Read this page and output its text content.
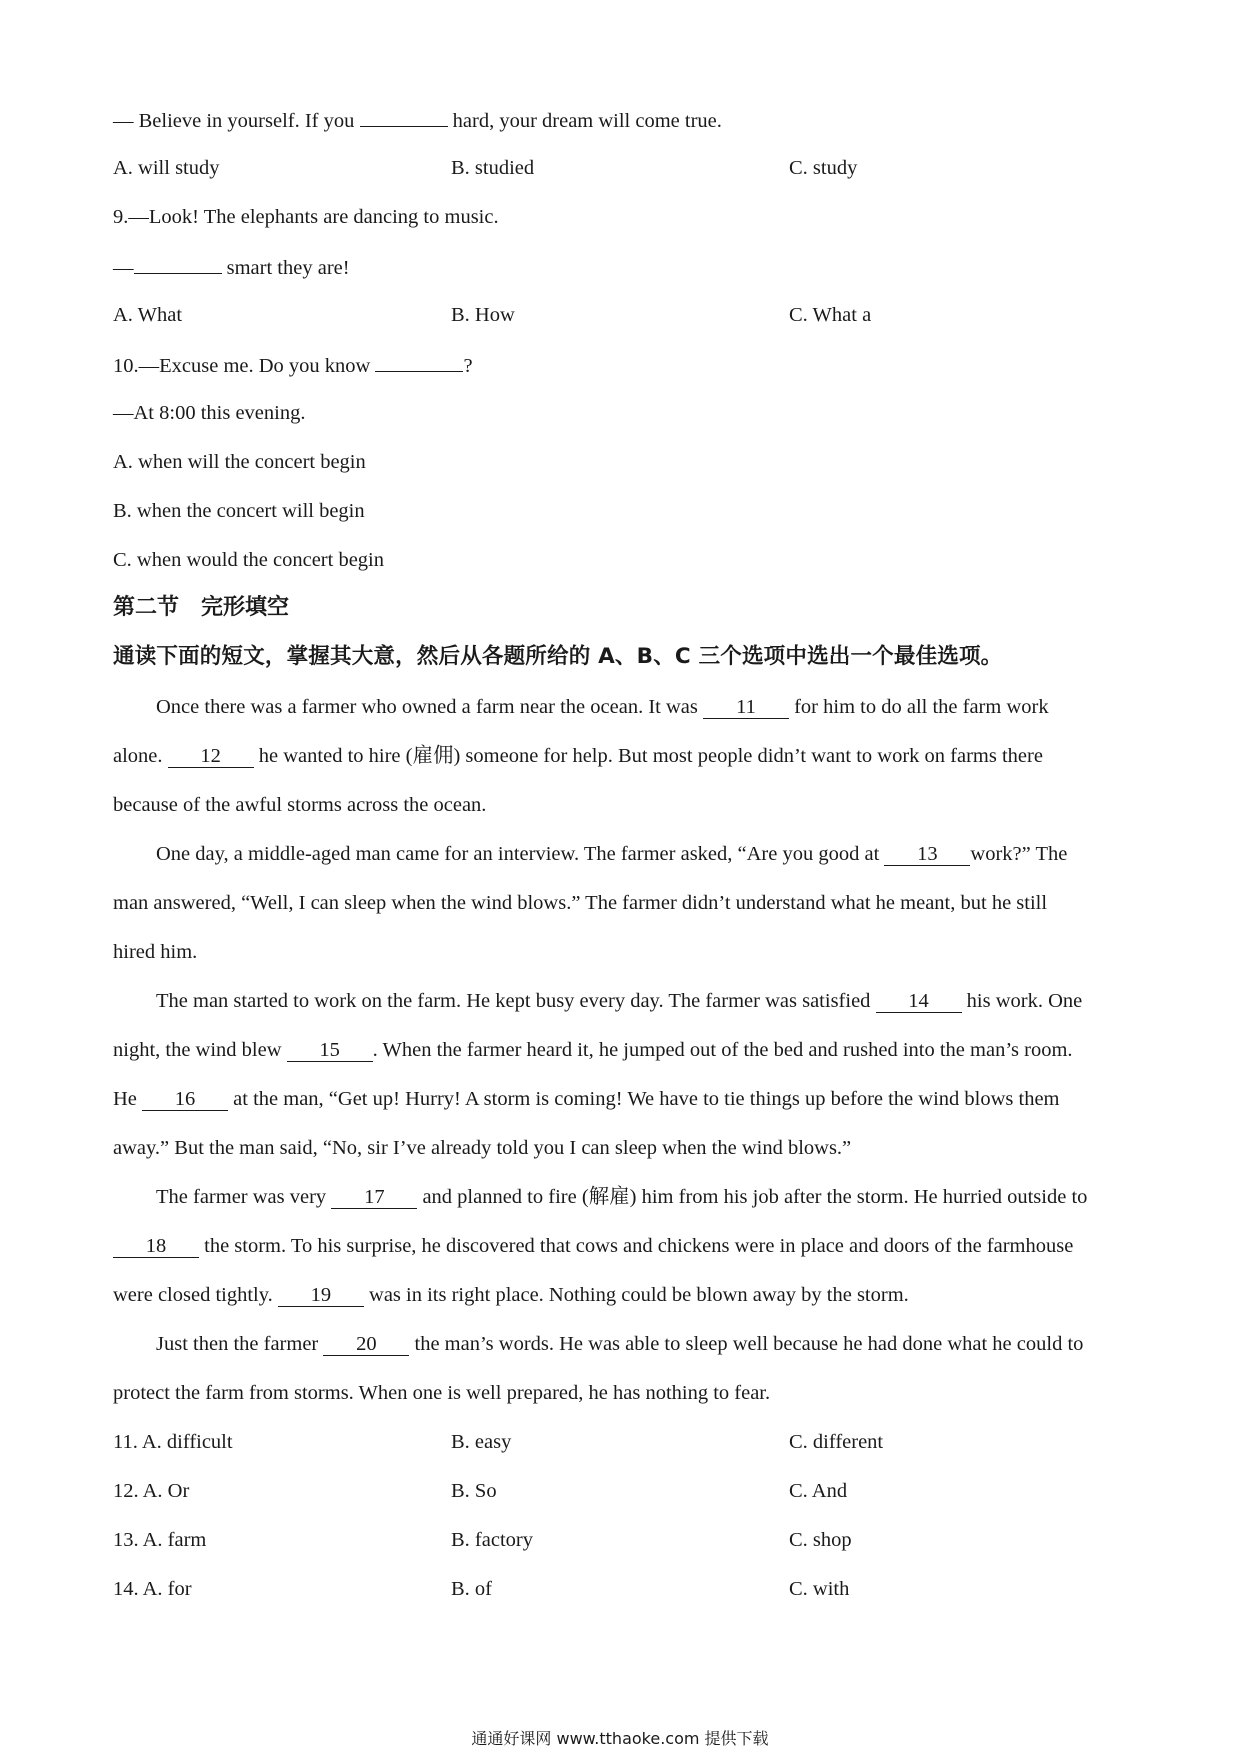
— Believe in yourself. If you	hard, your dream will come true.
A. will study	B. studied	C. study
9.—Look! The elephants are dancing to music.
—	smart they are!
A. What	B. How	C. What a
10.—Excuse me. Do you know	?
—At 8:00 this evening.
A. when will the concert begin
B. when the concert will begin
C. when would the concert begin
第二节　完形填空
通读下面的短文，掌握其大意，然后从各题所给的 A、B、C 三个选项中选出一个最佳选项。
Once there was a farmer who owned a farm near the ocean. It was 11 for him to do all the farm work
alone. 12 he wanted to hire (雇佣) someone for help. But most people didn’t want to work on farms there
because of the awful storms across the ocean.
One day, a middle-aged man came for an interview. The farmer asked, “Are you good at 13 work?” The
man answered, “Well, I can sleep when the wind blows.” The farmer didn’t understand what he meant, but he still
hired him.
The man started to work on the farm. He kept busy every day. The farmer was satisfied 14 his work. One
night, the wind blew 15 . When the farmer heard it, he jumped out of the bed and rushed into the man’s room.
He 16 at the man, “Get up! Hurry! A storm is coming! We have to tie things up before the wind blows them
away.” But the man said, “No, sir I’ve already told you I can sleep when the wind blows.”
The farmer was very 17 and planned to fire (解雇) him from his job after the storm. He hurried outside to
18 the storm. To his surprise, he discovered that cows and chickens were in place and doors of the farmhouse
were closed tightly. 19 was in its right place. Nothing could be blown away by the storm.
Just then the farmer 20 the man’s words. He was able to sleep well because he had done what he could to
protect the farm from storms. When one is well prepared, he has nothing to fear.
11. A. difficult	B. easy	C. different
12. A. Or	B. So	C. And
13. A. farm	B. factory	C. shop
14. A. for	B. of	C. with
通通好课网 www.tthaoke.com 提供下载
